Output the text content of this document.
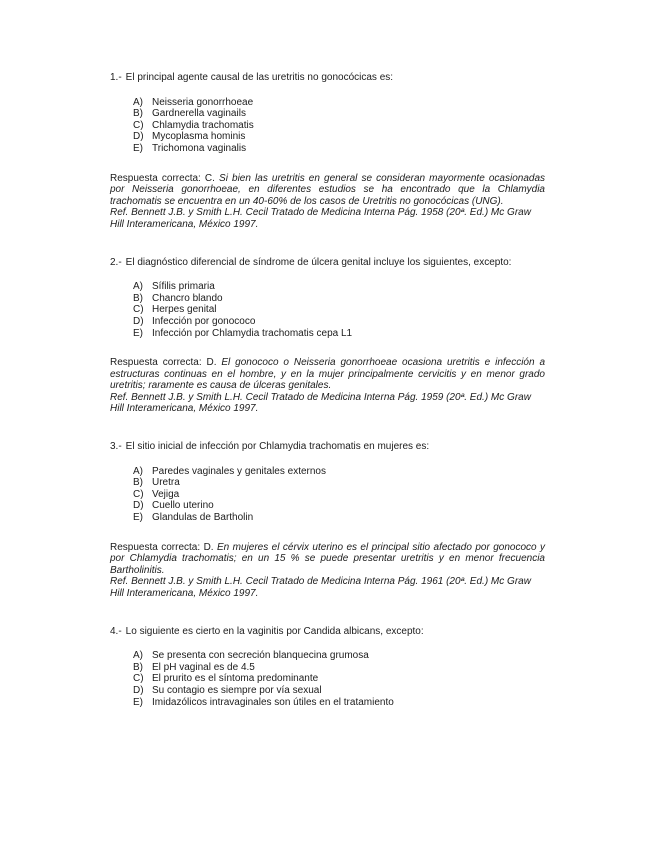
1.- El principal agente causal de las uretritis no gonocócicas es:

A) Neisseria gonorrhoeae
B) Gardnerella vaginails
C) Chlamydia trachomatis
D) Mycoplasma hominis
E) Trichomona vaginalis

Respuesta correcta: C. Si bien las uretritis en general se consideran mayormente ocasionadas por Neisseria gonorrhoeae, en diferentes estudios se ha encontrado que la Chlamydia trachomatis se encuentra en un 40-60% de los casos de Uretritis no gonocócicas (UNG).

Ref. Bennett J.B. y Smith L.H. Cecil Tratado de Medicina Interna Pág. 1958 (20ª. Ed.) Mc Graw Hill Interamericana, México 1997.

2.- El diagnóstico diferencial de síndrome de úlcera genital incluye los siguientes, excepto:

A) Sífilis primaria
B) Chancro blando
C) Herpes genital
D) Infección por gonococo
E) Infección por Chlamydia trachomatis cepa L1

Respuesta correcta: D. El gonococo o Neisseria gonorrhoeae ocasiona uretritis e infección a estructuras continuas en el hombre, y en la mujer principalmente cervicitis y en menor grado uretritis; raramente es causa de úlceras genitales.

Ref. Bennett J.B. y Smith L.H. Cecil Tratado de Medicina Interna Pág. 1959 (20ª. Ed.) Mc Graw Hill Interamericana, México 1997.

3.- El sitio inicial de infección por Chlamydia trachomatis en mujeres es:

A) Paredes vaginales y genitales externos
B) Uretra
C) Vejiga
D) Cuello uterino
E) Glandulas de Bartholin

Respuesta correcta: D. En mujeres el cérvix uterino es el principal sitio afectado por gonococo y por Chlamydia trachomatis; en un 15 % se puede presentar uretritis y en menor frecuencia Bartholinitis.

Ref. Bennett J.B. y Smith L.H. Cecil Tratado de Medicina Interna Pág. 1961 (20ª. Ed.) Mc Graw Hill Interamericana, México 1997.

4.- Lo siguiente es cierto en la vaginitis por Candida albicans, excepto:

A) Se presenta con secreción blanquecina grumosa
B) El pH vaginal es de 4.5
C) El prurito es el síntoma predominante
D) Su contagio es siempre por vía sexual
E) Imidazólicos intravaginales son útiles en el tratamiento
